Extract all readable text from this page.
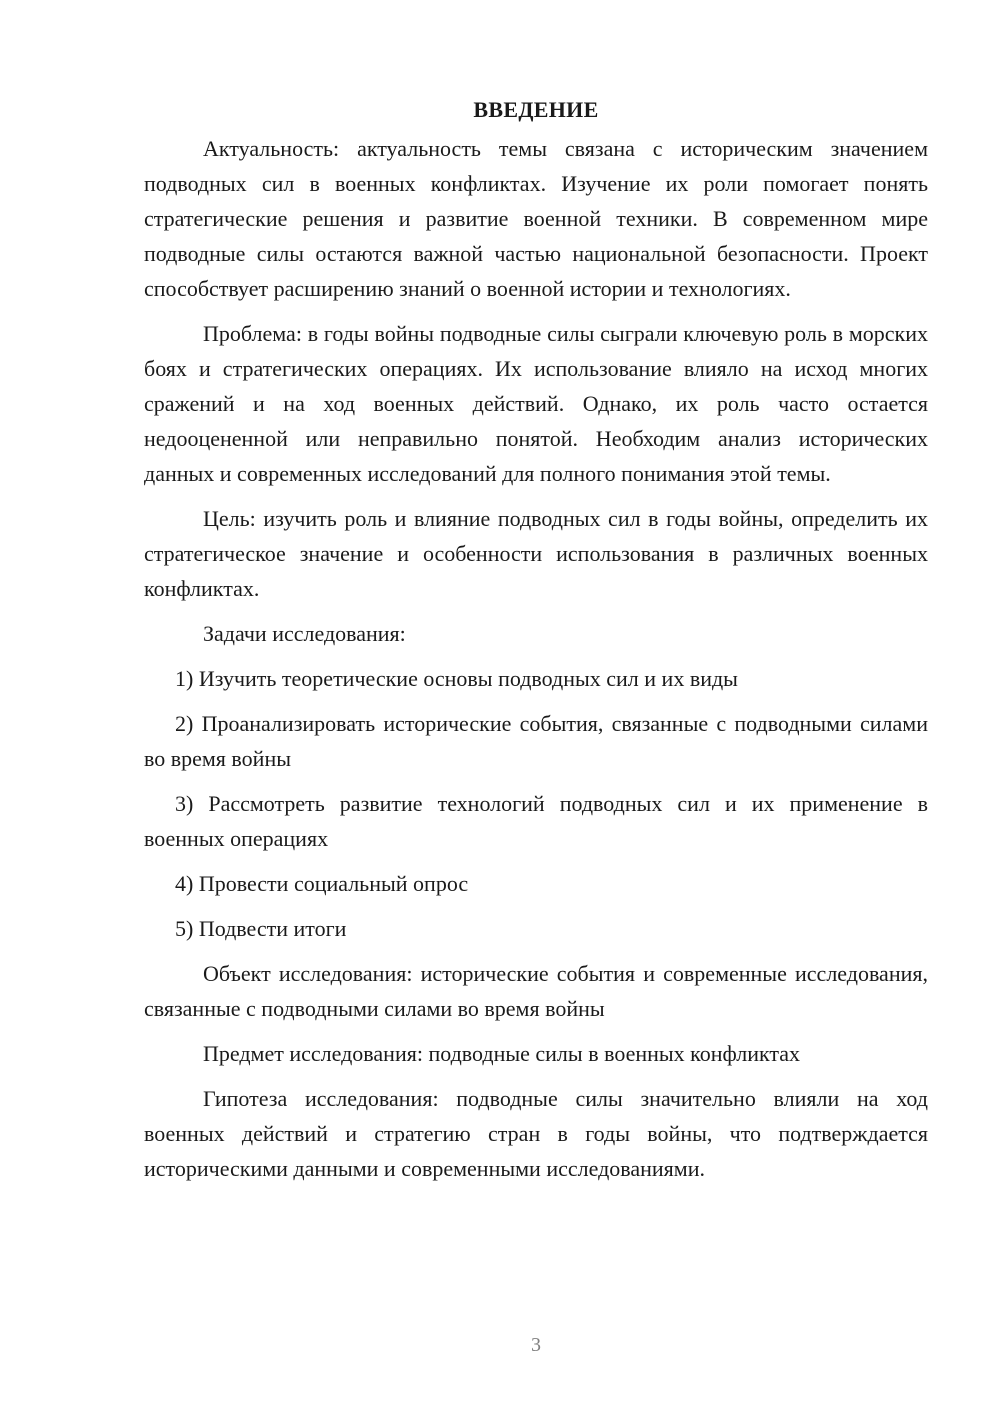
ВВЕДЕНИЕ

Актуальность: актуальность темы связана с историческим значением подводных сил в военных конфликтах. Изучение их роли помогает понять стратегические решения и развитие военной техники. В современном мире подводные силы остаются важной частью национальной безопасности. Проект способствует расширению знаний о военной истории и технологиях.

Проблема: в годы войны подводные силы сыграли ключевую роль в морских боях и стратегических операциях. Их использование влияло на исход многих сражений и на ход военных действий. Однако, их роль часто остается недооцененной или неправильно понятой. Необходим анализ исторических данных и современных исследований для полного понимания этой темы.

Цель: изучить роль и влияние подводных сил в годы войны, определить их стратегическое значение и особенности использования в различных военных конфликтах.

Задачи исследования:

1) Изучить теоретические основы подводных сил и их виды

2) Проанализировать исторические события, связанные с подводными силами во время войны

3) Рассмотреть развитие технологий подводных сил и их применение в военных операциях

4) Провести социальный опрос

5) Подвести итоги

Объект исследования: исторические события и современные исследования, связанные с подводными силами во время войны

Предмет исследования: подводные силы в военных конфликтах

Гипотеза исследования: подводные силы значительно влияли на ход военных действий и стратегию стран в годы войны, что подтверждается историческими данными и современными исследованиями.

3
